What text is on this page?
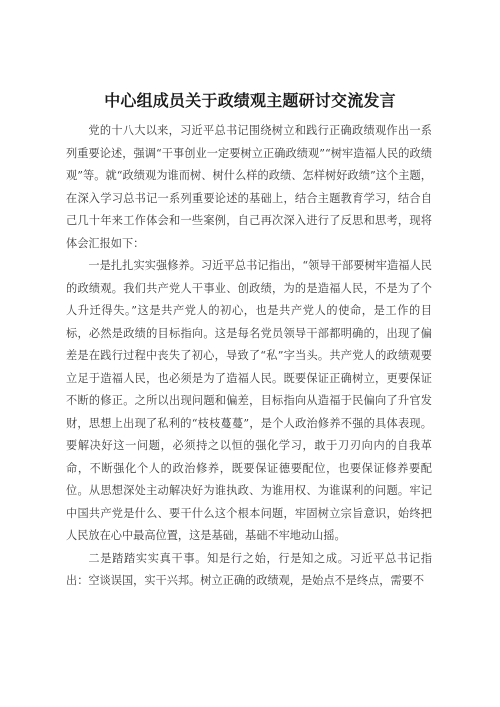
中心组成员关于政绩观主题研讨交流发言

党的十八大以来，习近平总书记围绕树立和践行正确政绩观作出一系列重要论述，强调“干事创业一定要树立正确政绩观”“树牢造福人民的政绩观”等。就“政绩观为谁而树、树什么样的政绩、怎样树好政绩”这个主题，在深入学习总书记一系列重要论述的基础上，结合主题教育学习，结合自己几十年来工作体会和一些案例，自己再次深入进行了反思和思考，现将体会汇报如下：

一是扎扎实实强修养。习近平总书记指出，“领导干部要树牢造福人民的政绩观。我们共产党人干事业、创政绩，为的是造福人民，不是为了个人升迁得失。”这是共产党人的初心，也是共产党人的使命，是工作的目标，必然是政绩的目标指向。这是每名党员领导干部都明确的，出现了偏差是在践行过程中丧失了初心，导致了“私”字当头。共产党人的政绩观要立足于造福人民，也必须是为了造福人民。既要保证正确树立，更要保证不断的修正。之所以出现问题和偏差，目标指向从造福于民偏向了升官发财，思想上出现了私利的“枝枝蔓蔓”，是个人政治修养不强的具体表现。要解决好这一问题，必须持之以恒的强化学习，敢于刀刃向内的自我革命，不断强化个人的政治修养，既要保证德要配位，也要保证修养要配位。从思想深处主动解决好为谁执政、为谁用权、为谁谋利的问题。牢记中国共产党是什么、要干什么这个根本问题，牢固树立宗旨意识，始终把人民放在心中最高位置，这是基础，基础不牢地动山摇。

二是踏踏实实真干事。知是行之始，行是知之成。习近平总书记指出：空谈误国，实干兴邦。树立正确的政绩观，是始点不是终点，需要不
